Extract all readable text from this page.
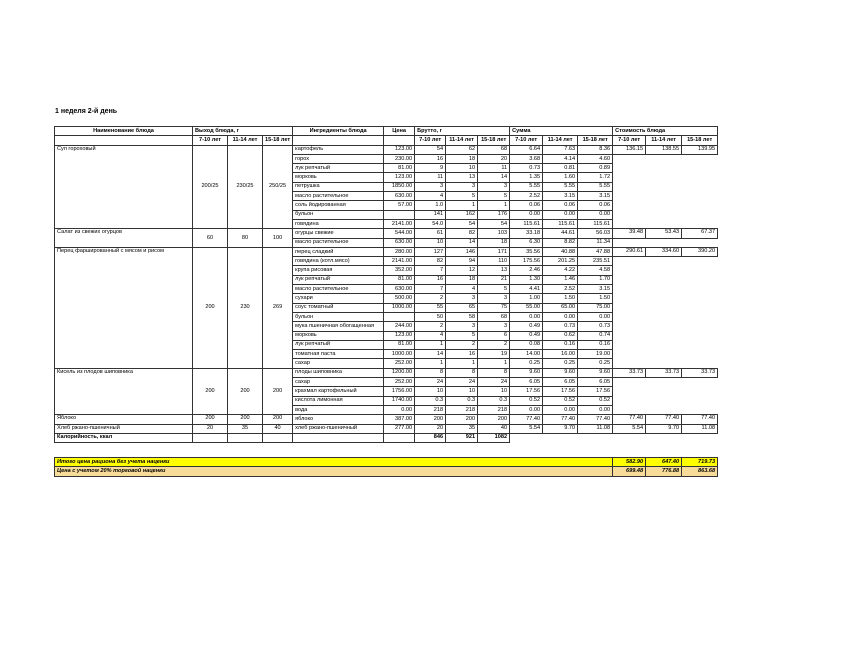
1 неделя 2-й день
Наименование блюда	Выход блюда, г			Ингредиенты блюда	Цена	Брутто, г			Сумма			Стоимость блюда		
	7-10 лет	11-14 лет	15-18 лет			7-10 лет	11-14 лет	15-18 лет	7-10 лет	11-14 лет	15-18 лет	7-10 лет	11-14 лет	15-18 лет
Суп гороховый	200/25	230/25	250/25	картофель	123.00	54	62	68	6.64	7.63	8.36	136.15	138.55	139.95
				горох	230.00	16	18	20	3.68	4.14	4.60			
				лук репчатый	81.00	9	10	11	0.73	0.81	0.89			
				морковь	123.00	11	13	14	1.35	1.60	1.72			
				петрушка	1850.00	3	3	3	5.55	5.55	5.55			
				масло растительное	630.00	4	5	5	2.52	3.15	3.15			
				соль йодированная	57.00	1.0	1	1	0.06	0.06	0.06			
				бульон		141	162	176	0.00	0.00	0.00			
				говядина	2141.00	54.0	54	54	115.61	115.61	115.61			
Салат из свежих огурцов	60	80	100	огурцы свежие	544.00	61	82	103	33.18	44.61	56.03	39.48	53.43	67.37
				масло растительное	630.00	10	14	18	6.30	8.82	11.34			
Перец фаршированный с мясом и рисом	200	230	269	перец сладкий	280.00	127	146	171	35.56	40.88	47.88	290.61	334.60	390.20
				говядина (котл.мясо)	2141.00	82	94	110	175.56	201.25	235.51			
				крупа рисовая	352.00	7	12	13	2.46	4.22	4.58			
				лук репчатый	81.00	16	18	21	1.30	1.46	1.70			
				масло растительное	630.00	7	4	5	4.41	2.52	3.15			
				сухари	500.00	2	3	3	1.00	1.50	1.50			
				соус томатный	1000.00	55	65	75	55.00	65.00	75.00			
				бульон		50	58	68	0.00	0.00	0.00			
				мука пшеничная обогащенная	244.00	2	3	3	0.49	0.73	0.73			
				морковь	123.00	4	5	6	0.49	0.62	0.74			
				лук репчатый	81.00	1	2	2	0.08	0.16	0.16			
				томатная паста	1000.00	14	16	19	14.00	16.00	19.00			
				сахар	252.00	1	1	1	0.25	0.25	0.25			
Кисель из плодов шиповника	200	200	200	плоды шиповника	1200.00	8	8	8	9.60	9.60	9.60	33.73	33.73	33.73
				сахар	252.00	24	24	24	6.05	6.05	6.05			
				крахмал картофельный	1756.00	10	10	10	17.56	17.56	17.56			
				кислота лимонная	1740.00	0.3	0.3	0.3	0.52	0.52	0.52			
				вода	0.00	218	218	218	0.00	0.00	0.00			
Яблоко	200	200	200	яблоко	387.00	200	200	200	77.40	77.40	77.40	77.40	77.40	77.40
Хлеб ржано-пшеничный	20	35	40	хлеб ржано-пшеничный	277.00	20	35	40	5.54	9.70	11.08	5.54	9.70	11.08
Калорийность, ккал						846	921	1082						

Итого цена рациона без учета наценки												582.90	647.40	719.73
Цена с учетом 20% торговой наценки												699.48	776.88	863.68
